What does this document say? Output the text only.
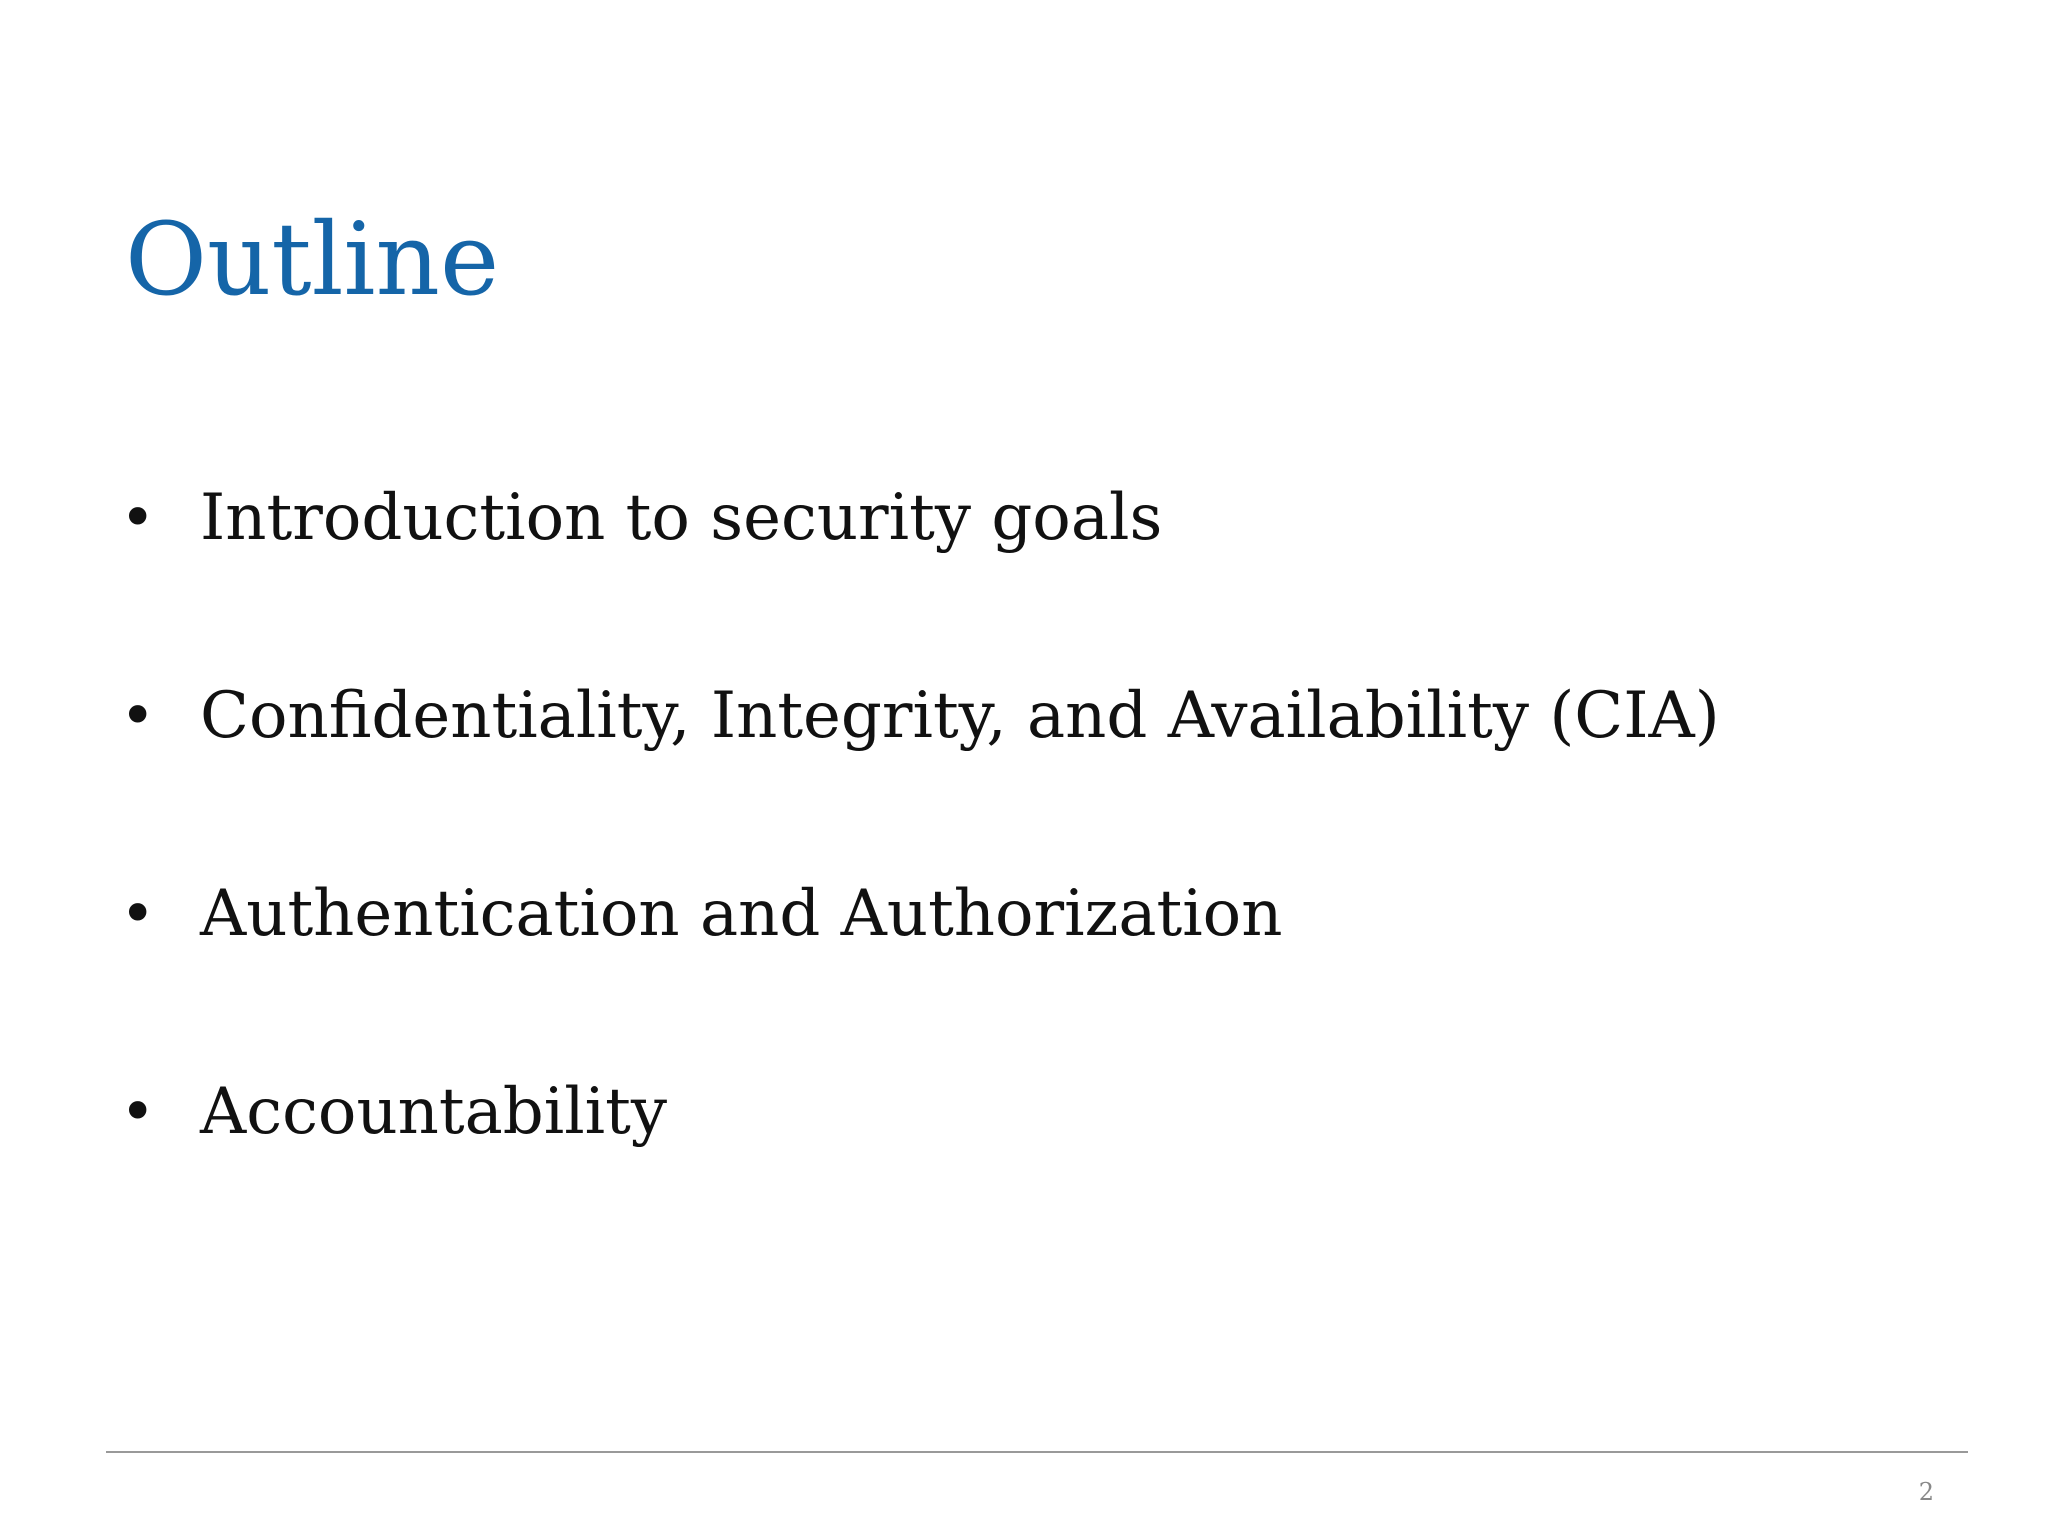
Outline
• Introduction to security goals
• Confidentiality, Integrity, and Availability (CIA)
• Authentication and Authorization
• Accountability
2
